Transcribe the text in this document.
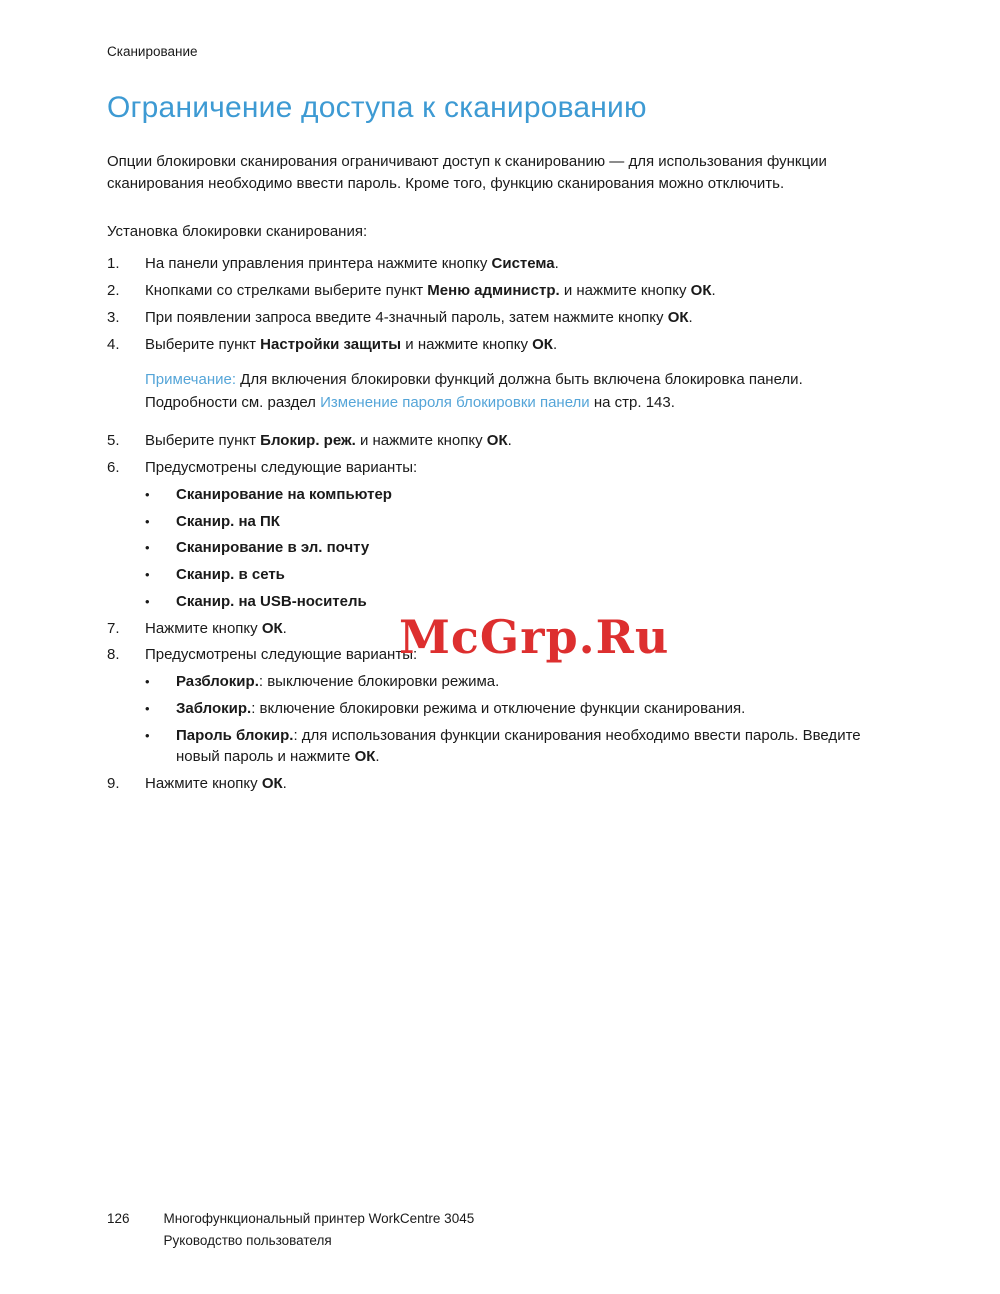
Сканирование
Ограничение доступа к сканированию

Опции блокировки сканирования ограничивают доступ к сканированию — для использования функции сканирования необходимо ввести пароль. Кроме того, функцию сканирования можно отключить.

Установка блокировки сканирования:

1.	На панели управления принтера нажмите кнопку Система.
2.	Кнопками со стрелками выберите пункт Меню администр. и нажмите кнопку ОК.
3.	При появлении запроса введите 4-значный пароль, затем нажмите кнопку ОК.
4.	Выберите пункт Настройки защиты и нажмите кнопку ОК.
Примечание: Для включения блокировки функций должна быть включена блокировка панели. Подробности см. раздел Изменение пароля блокировки панели на стр. 143.
5.	Выберите пункт Блокир. реж. и нажмите кнопку ОК.
6.	Предусмотрены следующие варианты:
•	Сканирование на компьютер
•	Сканир. на ПК
•	Сканирование в эл. почту
•	Сканир. в сеть
•	Сканир. на USB-носитель
7.	Нажмите кнопку ОК.
8.	Предусмотрены следующие варианты:
•	Разблокир.: выключение блокировки режима.
•	Заблокир.: включение блокировки режима и отключение функции сканирования.
•	Пароль блокир.: для использования функции сканирования необходимо ввести пароль. Введите новый пароль и нажмите ОК.
9.	Нажмите кнопку ОК.
McGrp.Ru
126	Многофункциональный принтер WorkCentre 3045
Руководство пользователя
